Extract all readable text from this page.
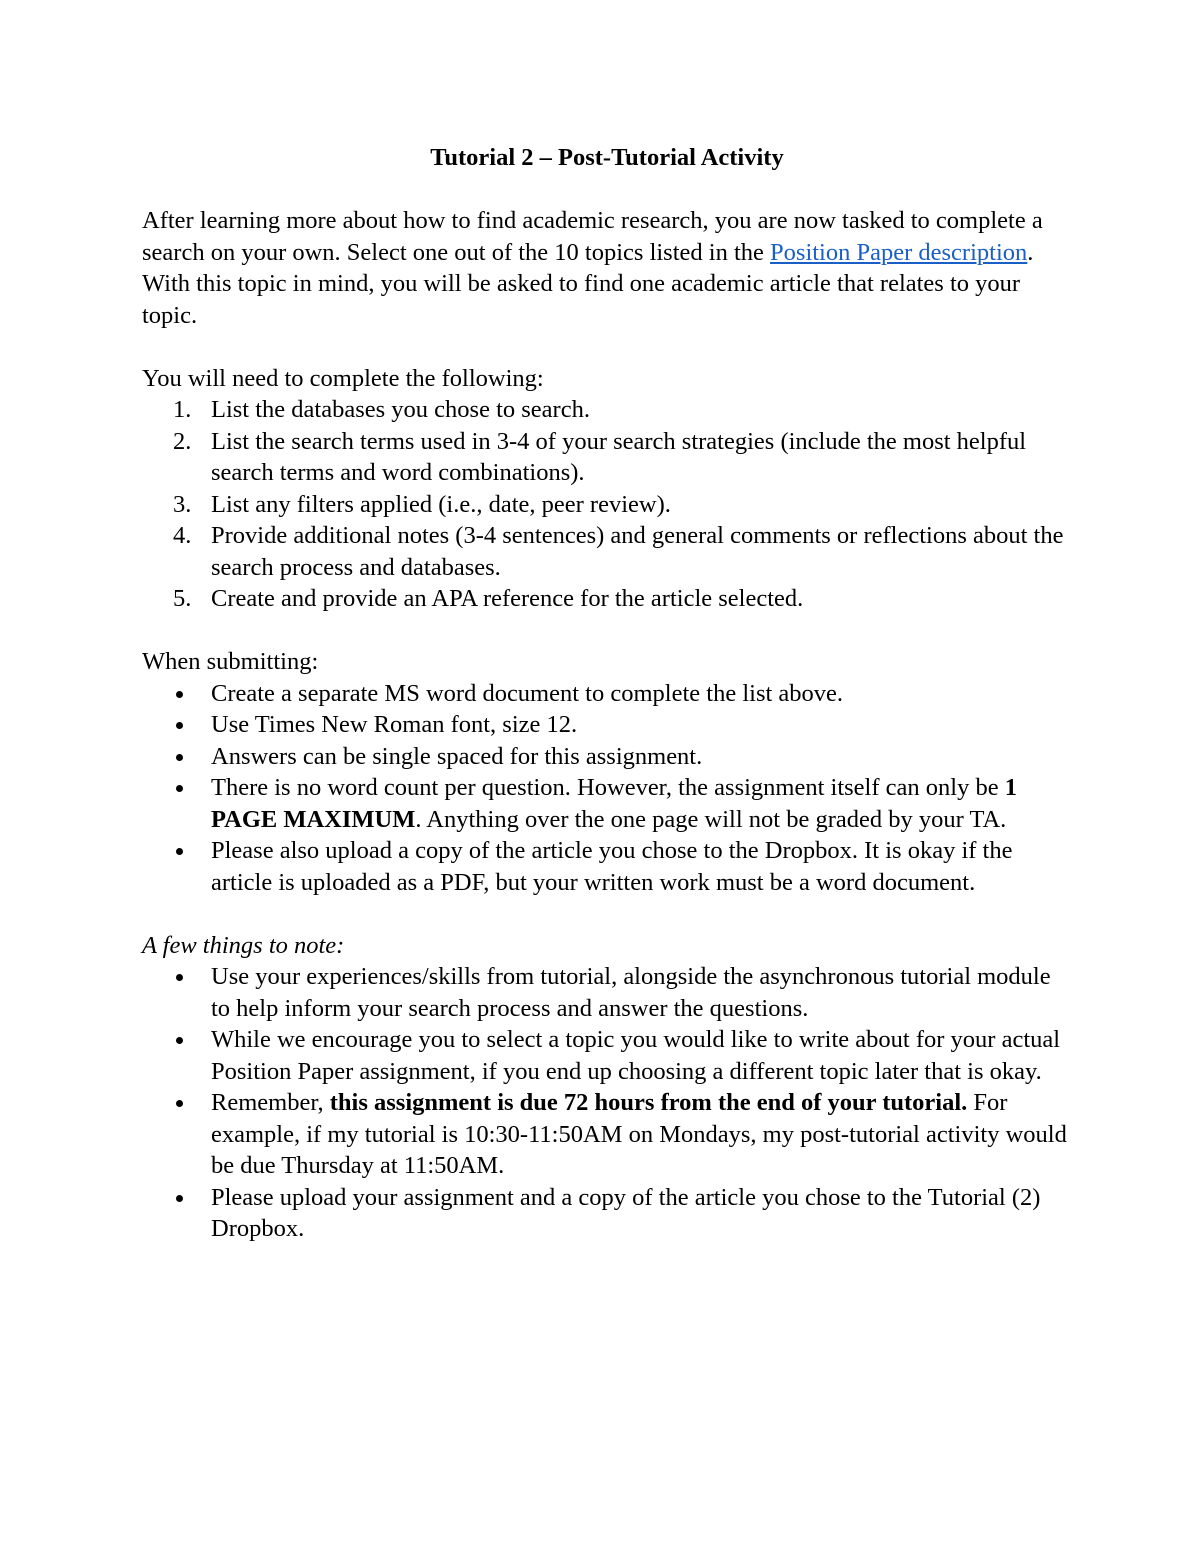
Tutorial 2 – Post-Tutorial Activity

After learning more about how to find academic research, you are now tasked to complete a search on your own. Select one out of the 10 topics listed in the Position Paper description. With this topic in mind, you will be asked to find one academic article that relates to your topic.

You will need to complete the following:

1. List the databases you chose to search.
2. List the search terms used in 3-4 of your search strategies (include the most helpful search terms and word combinations).
3. List any filters applied (i.e., date, peer review).
4. Provide additional notes (3-4 sentences) and general comments or reflections about the search process and databases.
5. Create and provide an APA reference for the article selected.

When submitting:

Create a separate MS word document to complete the list above.
Use Times New Roman font, size 12.
Answers can be single spaced for this assignment.
There is no word count per question. However, the assignment itself can only be 1 PAGE MAXIMUM. Anything over the one page will not be graded by your TA.
Please also upload a copy of the article you chose to the Dropbox. It is okay if the article is uploaded as a PDF, but your written work must be a word document.

A few things to note:

Use your experiences/skills from tutorial, alongside the asynchronous tutorial module to help inform your search process and answer the questions.
While we encourage you to select a topic you would like to write about for your actual Position Paper assignment, if you end up choosing a different topic later that is okay.
Remember, this assignment is due 72 hours from the end of your tutorial. For example, if my tutorial is 10:30-11:50AM on Mondays, my post-tutorial activity would be due Thursday at 11:50AM.
Please upload your assignment and a copy of the article you chose to the Tutorial (2) Dropbox.
